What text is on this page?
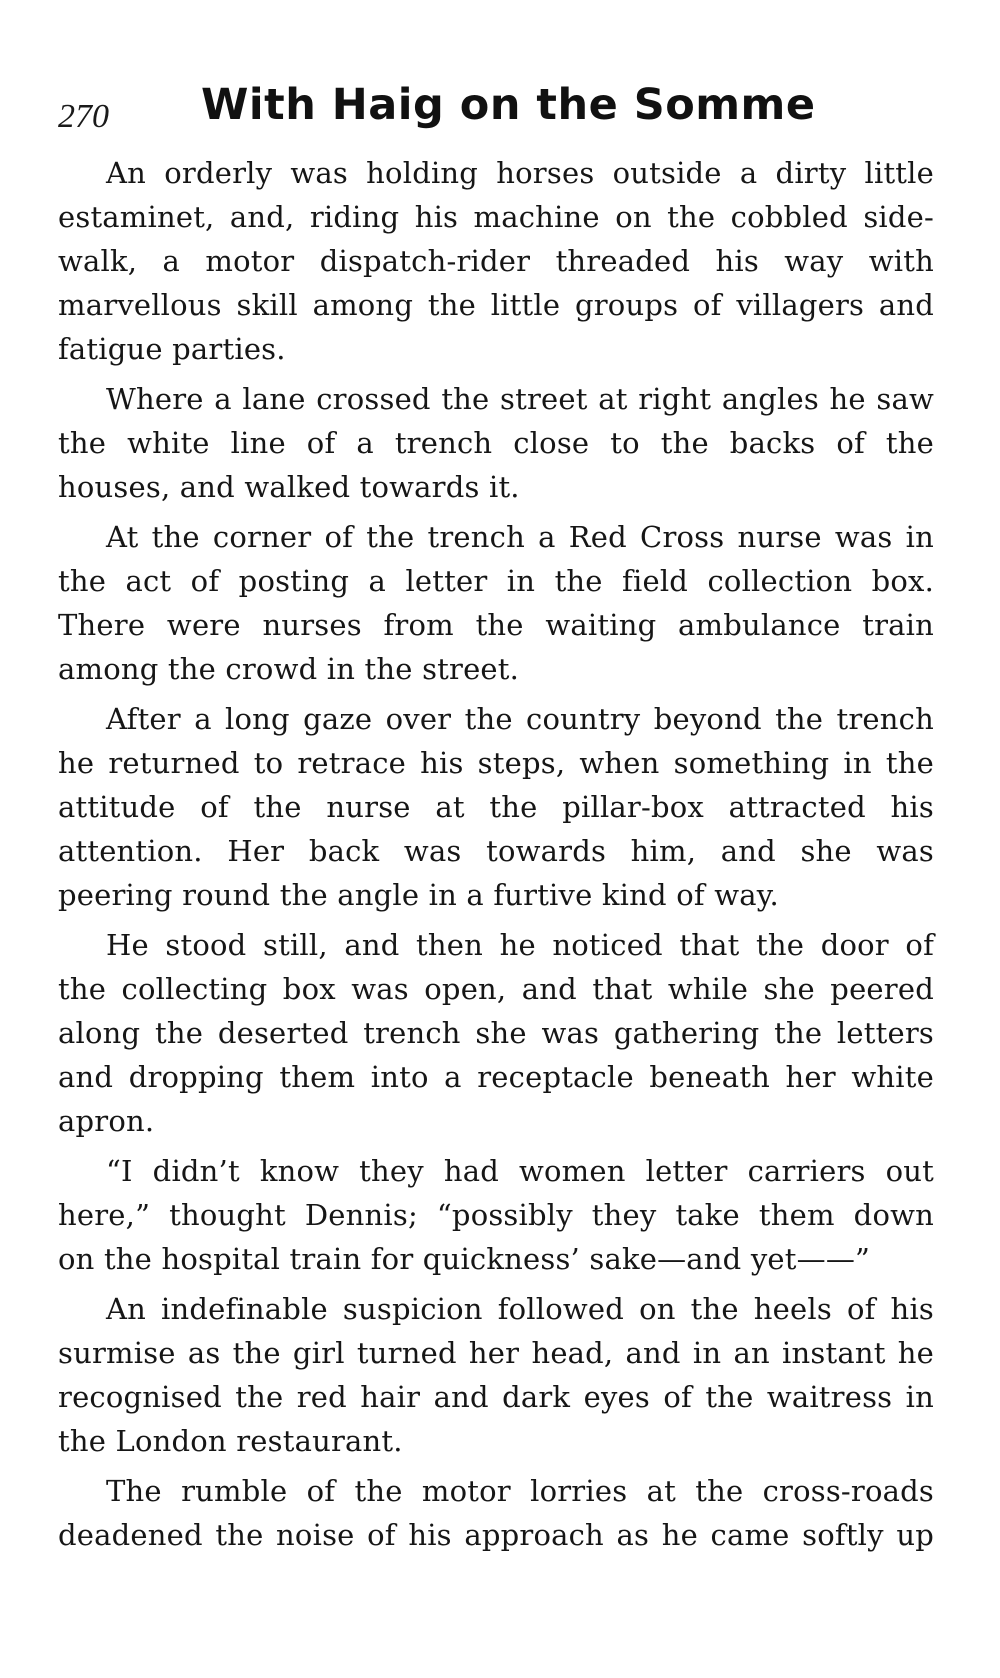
270 With Haig on the Somme
An orderly was holding horses outside a dirty little
estaminet, and, riding his machine on the cobbled side-
walk, a motor dispatch-rider threaded his way with
marvellous skill among the little groups of villagers and
fatigue parties.
Where a lane crossed the street at right angles he saw
the white line of a trench close to the backs of the
houses, and walked towards it.
At the corner of the trench a Red Cross nurse was in
the act of posting a letter in the field collection box.
There were nurses from the waiting ambulance train
among the crowd in the street.
After a long gaze over the country beyond the trench
he returned to retrace his steps, when something in the
attitude of the nurse at the pillar-box attracted his
attention. Her back was towards him, and she was
peering round the angle in a furtive kind of way.
He stood still, and then he noticed that the door of
the collecting box was open, and that while she peered
along the deserted trench she was gathering the letters
and dropping them into a receptacle beneath her white
apron.
“I didn’t know they had women letter carriers out
here,” thought Dennis; “possibly they take them down
on the hospital train for quickness’ sake—and yet——”
An indefinable suspicion followed on the heels of his
surmise as the girl turned her head, and in an instant he
recognised the red hair and dark eyes of the waitress in
the London restaurant.
The rumble of the motor lorries at the cross-roads
deadened the noise of his approach as he came softly up
